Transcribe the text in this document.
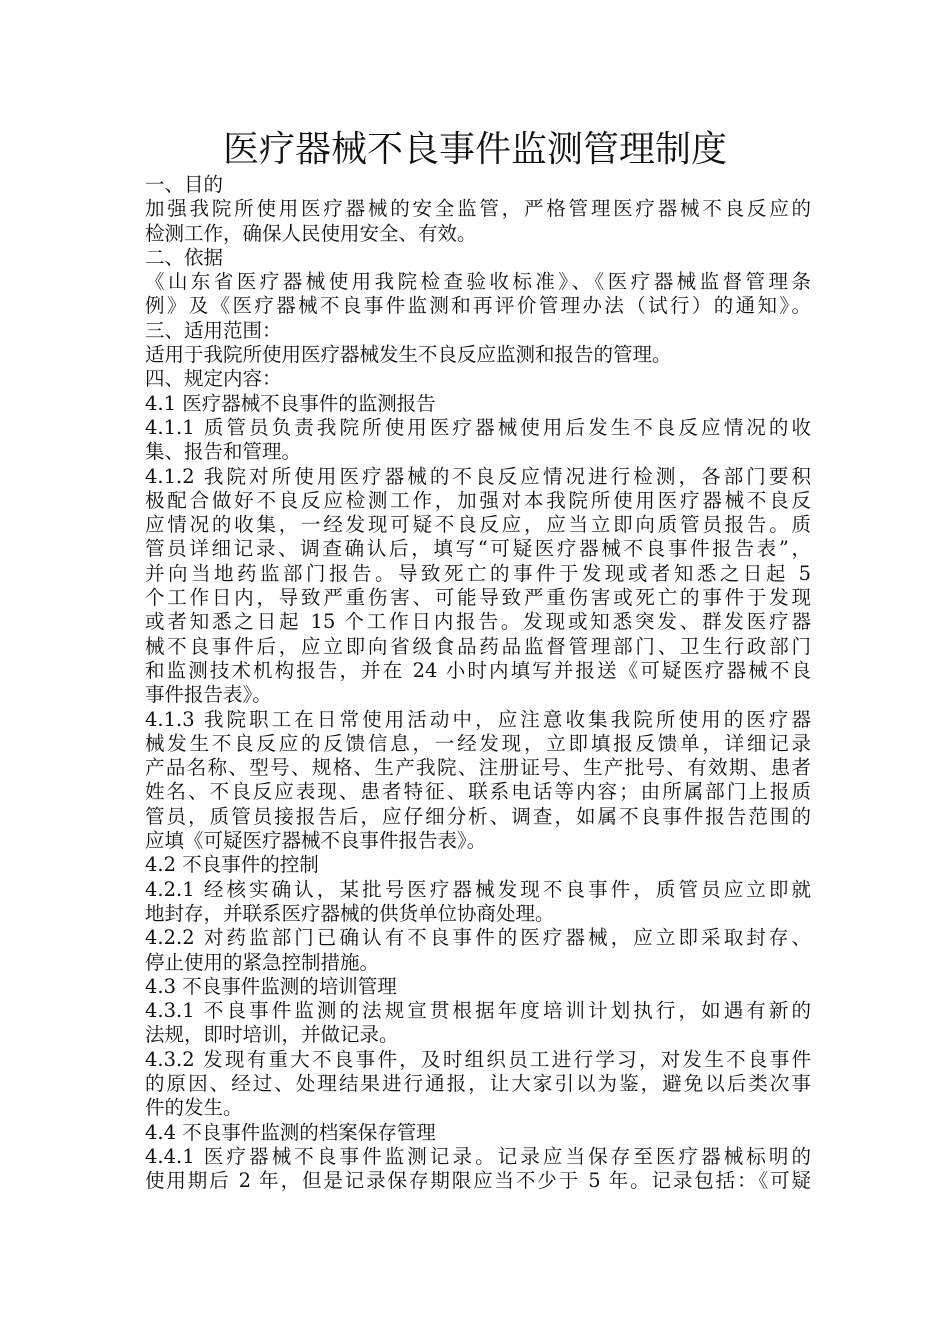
医疗器械不良事件监测管理制度
一、目的
加强我院所使用医疗器械的安全监管，严格管理医疗器械不良反应的
检测工作，确保人民使用安全、有效。
二、依据
《山东省医疗器械使用我院检查验收标准》、《医疗器械监督管理条
例》及《医疗器械不良事件监测和再评价管理办法（试行）的通知》。
三、适用范围：
适用于我院所使用医疗器械发生不良反应监测和报告的管理。
四、规定内容：
4.1 医疗器械不良事件的监测报告
4.1.1 质管员负责我院所使用医疗器械使用后发生不良反应情况的收
集、报告和管理。
4.1.2 我院对所使用医疗器械的不良反应情况进行检测，各部门要积
极配合做好不良反应检测工作，加强对本我院所使用医疗器械不良反
应情况的收集，一经发现可疑不良反应，应当立即向质管员报告。质
管员详细记录、调查确认后，填写“可疑医疗器械不良事件报告表”，
并向当地药监部门报告。导致死亡的事件于发现或者知悉之日起 5
个工作日内，导致严重伤害、可能导致严重伤害或死亡的事件于发现
或者知悉之日起 15 个工作日内报告。发现或知悉突发、群发医疗器
械不良事件后，应立即向省级食品药品监督管理部门、卫生行政部门
和监测技术机构报告，并在 24 小时内填写并报送《可疑医疗器械不良
事件报告表》。
4.1.3 我院职工在日常使用活动中，应注意收集我院所使用的医疗器
械发生不良反应的反馈信息，一经发现，立即填报反馈单，详细记录
产品名称、型号、规格、生产我院、注册证号、生产批号、有效期、患者
姓名、不良反应表现、患者特征、联系电话等内容；由所属部门上报质
管员，质管员接报告后，应仔细分析、调查，如属不良事件报告范围的
应填《可疑医疗器械不良事件报告表》。
4.2 不良事件的控制
4.2.1 经核实确认，某批号医疗器械发现不良事件，质管员应立即就
地封存，并联系医疗器械的供货单位协商处理。
4.2.2 对药监部门已确认有不良事件的医疗器械，应立即采取封存、
停止使用的紧急控制措施。
4.3 不良事件监测的培训管理
4.3.1 不良事件监测的法规宣贯根据年度培训计划执行，如遇有新的
法规，即时培训，并做记录。
4.3.2 发现有重大不良事件，及时组织员工进行学习，对发生不良事件
的原因、经过、处理结果进行通报，让大家引以为鉴，避免以后类次事
件的发生。
4.4 不良事件监测的档案保存管理
4.4.1 医疗器械不良事件监测记录。记录应当保存至医疗器械标明的
使用期后 2 年，但是记录保存期限应当不少于 5 年。记录包括：《可疑
